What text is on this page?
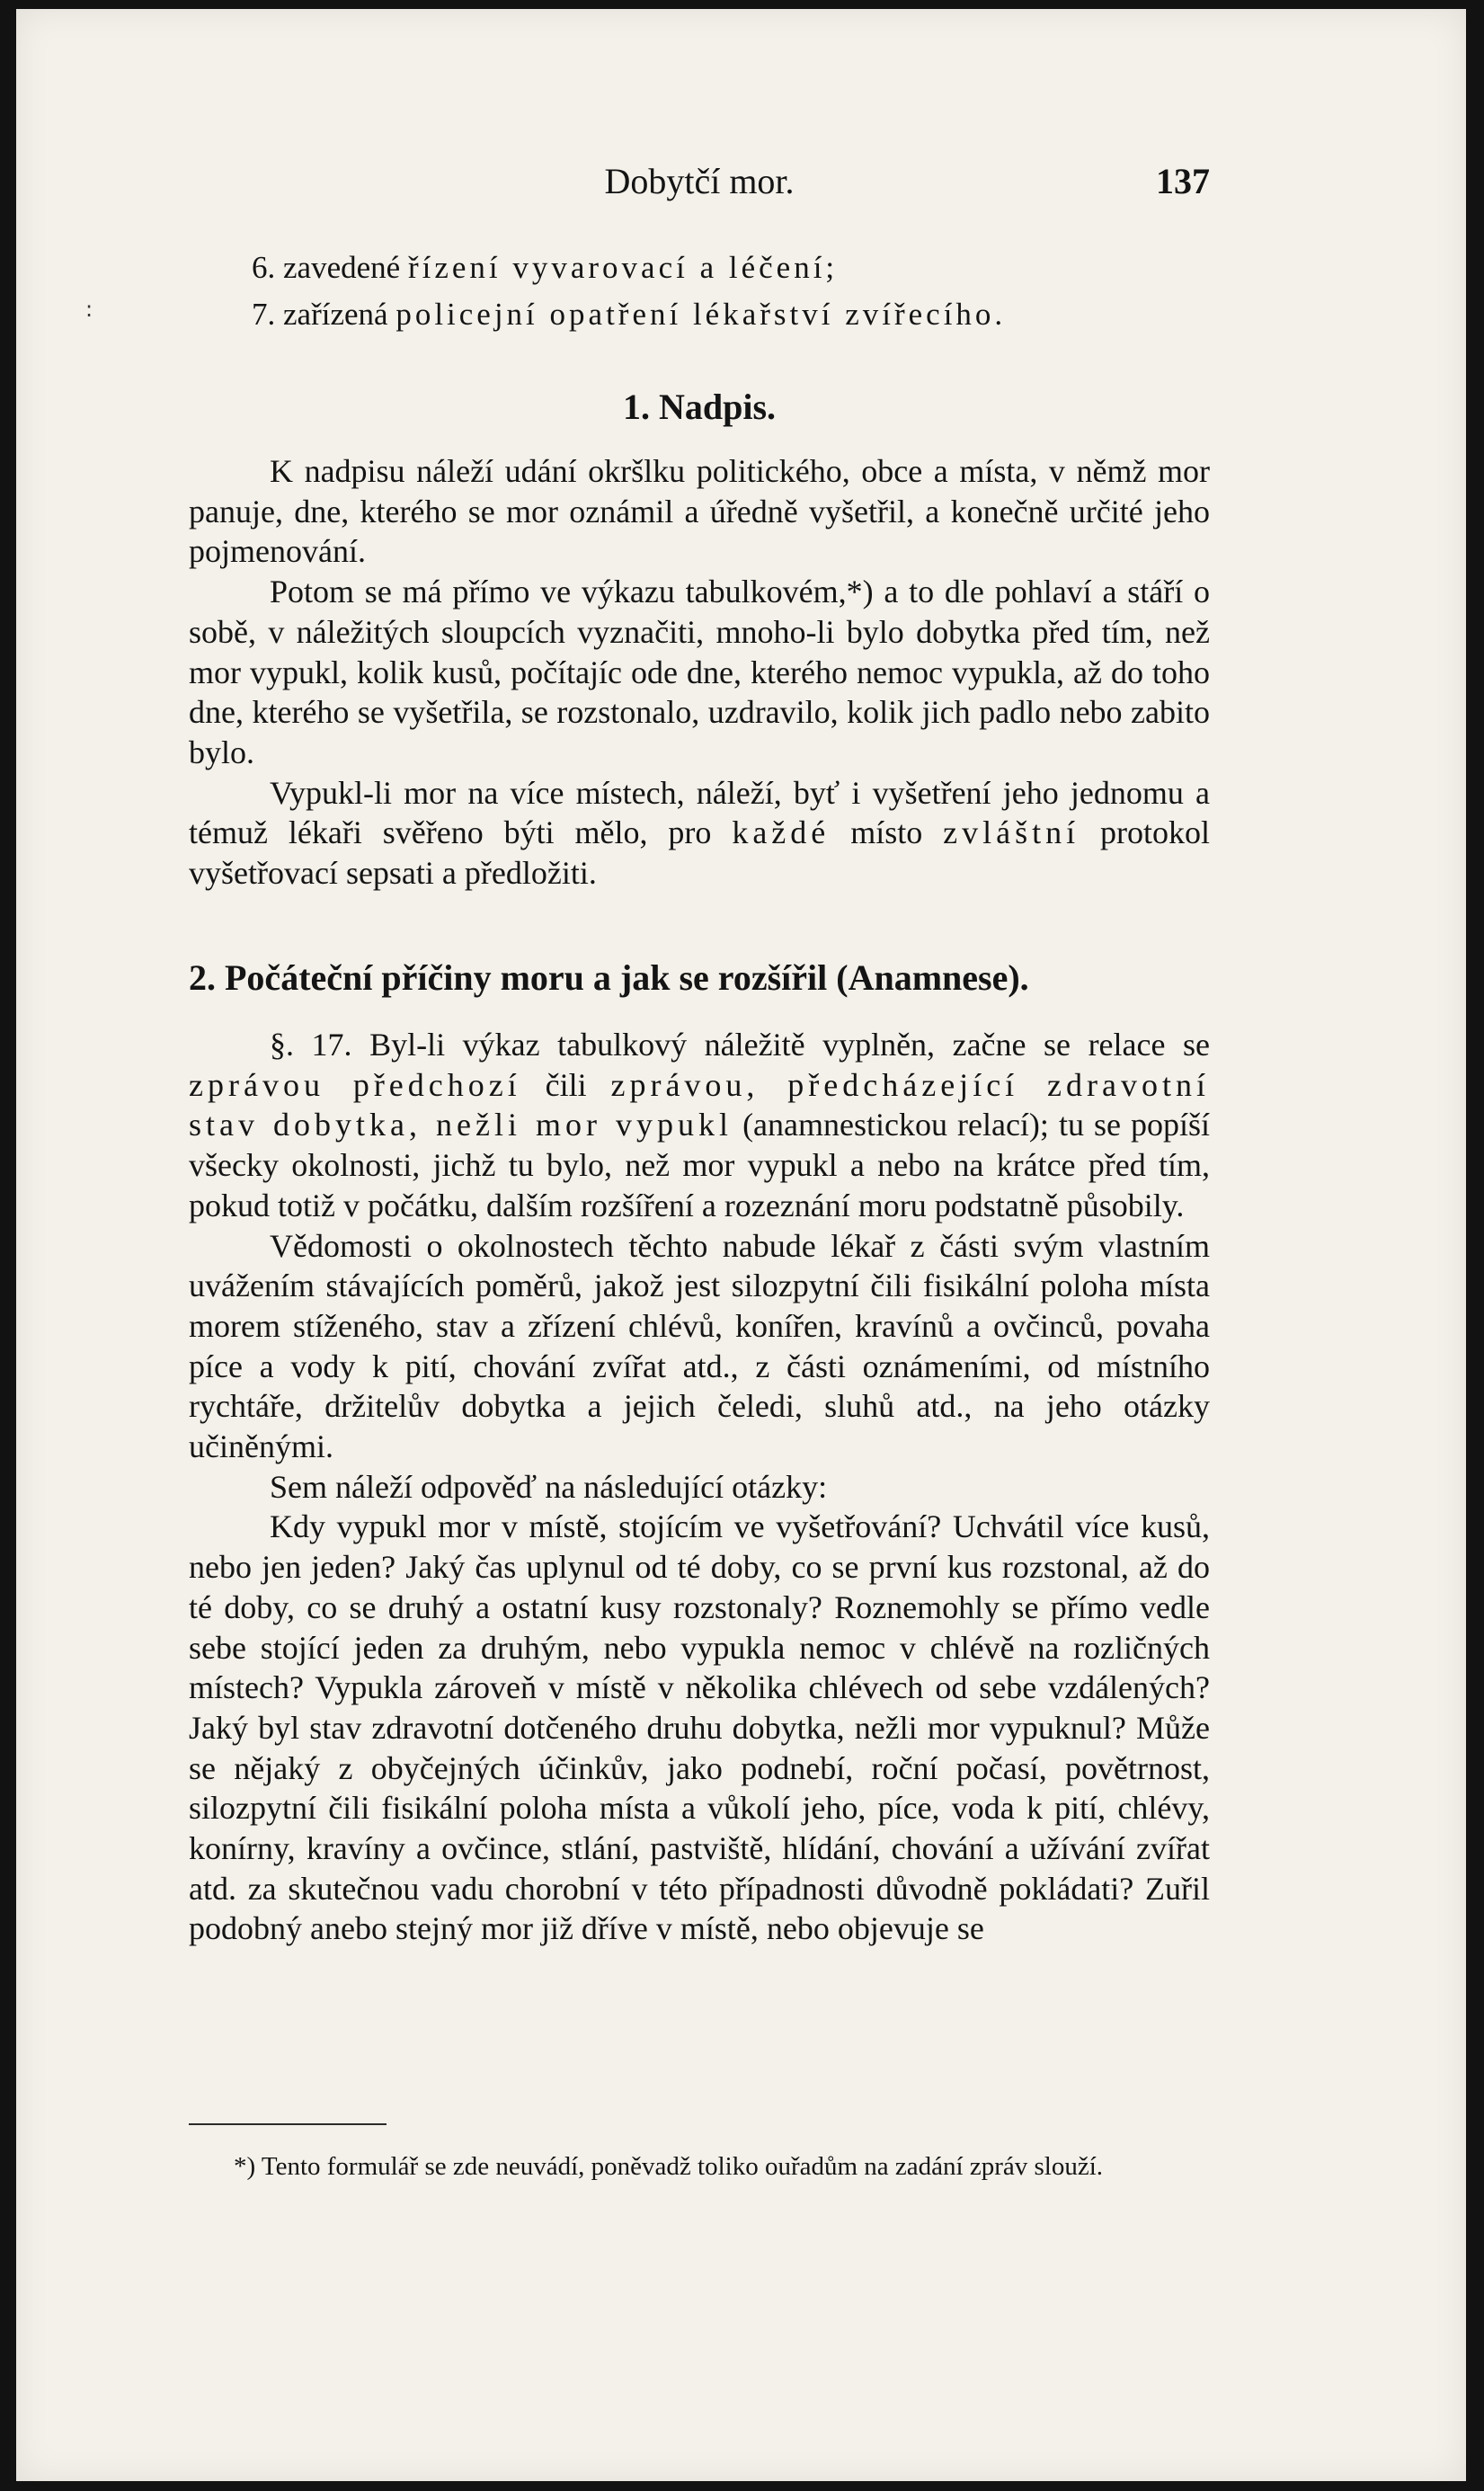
:
Dobytčí mor.	137
6. zavedené řízení vyvarovací a léčení;
7. zařízená policejní opatření lékařství zvířecího.
1. Nadpis.

K nadpisu náleží udání okršlku politického, obce a místa, v němž mor panuje, dne, kterého se mor oznámil a úředně vyšetřil, a konečně určité jeho pojmenování.

Potom se má přímo ve výkazu tabulkovém,*) a to dle pohlaví a stáří o sobě, v náležitých sloupcích vyznačiti, mnoho-li bylo dobytka před tím, než mor vypukl, kolik kusů, počítajíc ode dne, kterého nemoc vypukla, až do toho dne, kterého se vyšetřila, se rozstonalo, uzdravilo, kolik jich padlo nebo zabito bylo.

Vypukl-li mor na více místech, náleží, byť i vyšetření jeho jednomu a témuž lékaři svěřeno býti mělo, pro každé místo zvláštní protokol vyšetřovací sepsati a předložiti.

2. Počáteční příčiny moru a jak se rozšířil (Anamnese).

§. 17. Byl-li výkaz tabulkový náležitě vyplněn, začne se relace se zprávou předchozí čili zprávou, předcházející zdravotní stav dobytka, nežli mor vypukl (anamnestickou relací); tu se popíší všecky okolnosti, jichž tu bylo, než mor vypukl a nebo na krátce před tím, pokud totiž v počátku, dalším rozšíření a rozeznání moru podstatně působily.

Vědomosti o okolnostech těchto nabude lékař z části svým vlastním uvážením stávajících poměrů, jakož jest silozpytní čili fisikální poloha místa morem stíženého, stav a zřízení chlévů, konířen, kravínů a ovčinců, povaha píce a vody k pití, chování zvířat atd., z části oznámeními, od místního rychtáře, držitelův dobytka a jejich čeledi, sluhů atd., na jeho otázky učiněnými.

Sem náleží odpověď na následující otázky:

Kdy vypukl mor v místě, stojícím ve vyšetřování? Uchvátil více kusů, nebo jen jeden? Jaký čas uplynul od té doby, co se první kus rozstonal, až do té doby, co se druhý a ostatní kusy rozstonaly? Roznemohly se přímo vedle sebe stojící jeden za druhým, nebo vypukla nemoc v chlévě na rozličných místech? Vypukla zároveň v místě v několika chlévech od sebe vzdálených? Jaký byl stav zdravotní dotčeného druhu dobytka, nežli mor vypuknul? Může se nějaký z obyčejných účinkův, jako podnebí, roční počasí, povětrnost, silozpytní čili fisikální poloha místa a vůkolí jeho, píce, voda k pití, chlévy, konírny, kravíny a ovčince, stlání, pastviště, hlídání, chování a užívání zvířat atd. za skutečnou vadu chorobní v této případnosti důvodně pokládati? Zuřil podobný anebo stejný mor již dříve v místě, nebo objevuje se

*) Tento formulář se zde neuvádí, poněvadž toliko ouřadům na zadání zpráv slouží.
